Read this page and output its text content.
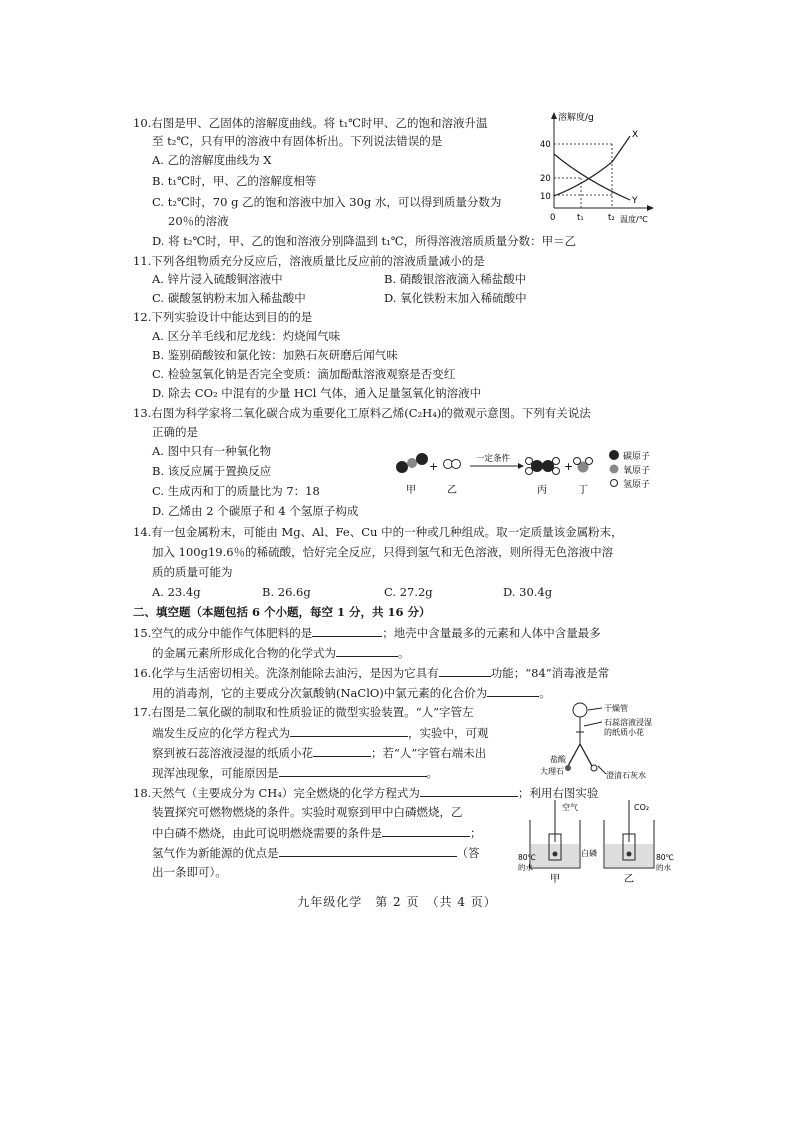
10.右图是甲、乙固体的溶解度曲线。将 t₁℃时甲、乙的饱和溶液升温
至 t₂℃，只有甲的溶液中有固体析出。下列说法错误的是
A. 乙的溶解度曲线为 X
B. t₁℃时，甲、乙的溶解度相等
C. t₂℃时，70 g 乙的饱和溶液中加入 30g 水，可以得到质量分数为
20％的溶液
D. 将 t₂℃时，甲、乙的饱和溶液分别降温到 t₁℃，所得溶液溶质质量分数：甲＝乙
溶解度/g
温度/℃
40
20
10
0	t₁	t₂
X
Y
11.下列各组物质充分反应后，溶液质量比反应前的溶液质量减小的是
A. 锌片浸入硫酸铜溶液中	B. 硝酸银溶液滴入稀盐酸中
C. 碳酸氢钠粉末加入稀盐酸中	D. 氧化铁粉末加入稀硫酸中
12.下列实验设计中能达到目的的是
A. 区分羊毛线和尼龙线：灼烧闻气味
B. 鉴别硝酸铵和氯化铵：加熟石灰研磨后闻气味
C. 检验氢氧化钠是否完全变质：滴加酚酞溶液观察是否变红
D. 除去 CO₂ 中混有的少量 HCl 气体，通入足量氢氧化钠溶液中
13.右图为科学家将二氧化碳合成为重要化工原料乙烯(C₂H₄)的微观示意图。下列有关说法
正确的是
A. 图中只有一种氧化物
B. 该反应属于置换反应
C. 生成丙和丁的质量比为 7：18
D. 乙烯由 2 个碳原子和 4 个氢原子构成
+
一定条件
+
甲	乙	丙	丁
碳原子
氧原子
氢原子
14.有一包金属粉末，可能由 Mg、Al、Fe、Cu 中的一种或几种组成。取一定质量该金属粉末，
加入 100g19.6％的稀硫酸，恰好完全反应，只得到氢气和无色溶液，则所得无色溶液中溶
质的质量可能为
A. 23.4g	B. 26.6g	C. 27.2g	D. 30.4g
二、填空题（本题包括 6 个小题，每空 1 分，共 16 分）
15.空气的成分中能作气体肥料的是	；地壳中含量最多的元素和人体中含量最多
的金属元素所形成化合物的化学式为	。
16.化学与生活密切相关。洗涤剂能除去油污，是因为它具有	功能；“84”消毒液是常
用的消毒剂，它的主要成分次氯酸钠(NaClO)中氯元素的化合价为	。
17.右图是二氧化碳的制取和性质验证的微型实验装置。“人”字管左
端发生反应的化学方程式为	，实验中，可观
察到被石蕊溶液浸湿的纸质小花	；若“人”字管右端未出
现浑浊现象，可能原因是	。
干燥管
石蕊溶液浸湿
的纸质小花
盐酸
大理石	澄清石灰水
18.天然气（主要成分为 CH₄）完全燃烧的化学方程式为	；利用右图实验
装置探究可燃物燃烧的条件。实验时观察到甲中白磷燃烧，乙
中白磷不燃烧，由此可说明燃烧需要的条件是	；
氢气作为新能源的优点是	（答
出一条即可）。
空气	CO₂
白磷
80℃
的水
80℃
的水
甲	乙
九年级化学　第 2 页　（共 4 页）
